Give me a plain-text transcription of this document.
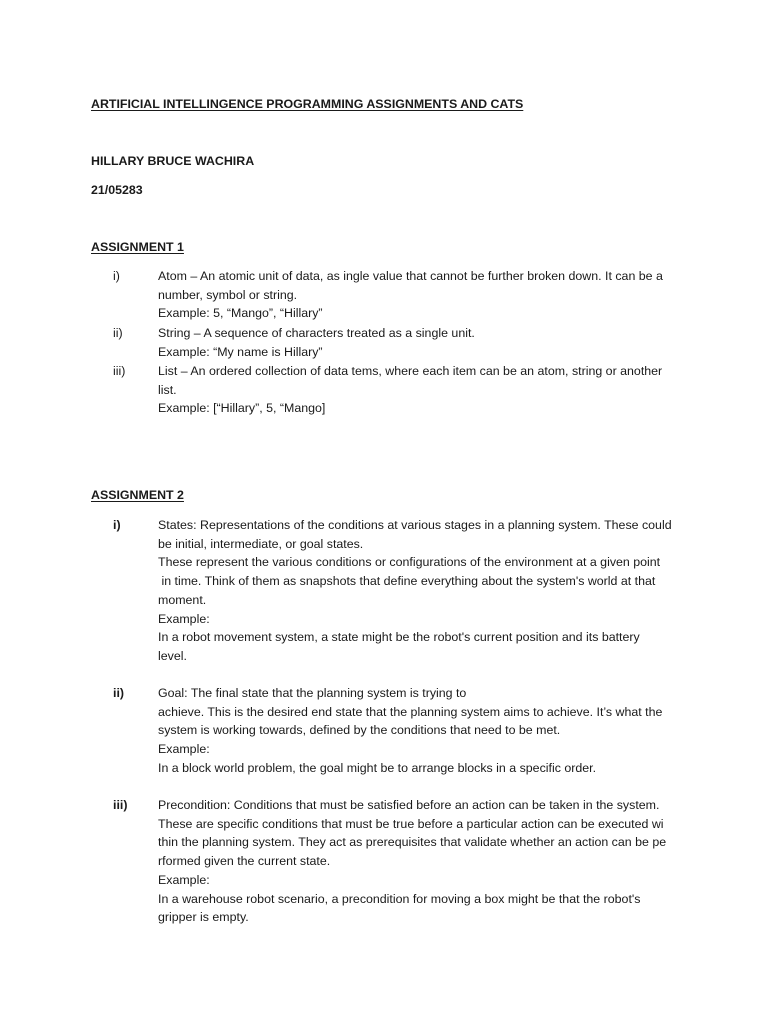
ARTIFICIAL INTELLINGENCE PROGRAMMING ASSIGNMENTS AND CATS
HILLARY BRUCE WACHIRA
21/05283
ASSIGNMENT 1
i)	Atom – An atomic unit of data, as ingle value that cannot be further broken down. It can be a
number, symbol or string.
Example: 5, “Mango”, “Hillary”
ii)	String – A sequence of characters treated as a single unit.
Example: “My name is Hillary”
iii)	List – An ordered collection of data tems, where each item can be an atom, string or another
list.
Example: [“Hillary”, 5, “Mango]
ASSIGNMENT 2
i)	States: Representations of the conditions at various stages in a planning system. These could
be initial, intermediate, or goal states.
These represent the various conditions or configurations of the environment at a given point
in time. Think of them as snapshots that define everything about the system's world at that
moment.
Example:
In a robot movement system, a state might be the robot's current position and its battery
level.
ii)	Goal: The final state that the planning system is trying to
achieve. This is the desired end state that the planning system aims to achieve. It’s what the
system is working towards, defined by the conditions that need to be met.
Example:
In a block world problem, the goal might be to arrange blocks in a specific order.
iii) Precondition: Conditions that must be satisfied before an action can be taken in the system.
These are specific conditions that must be true before a particular action can be executed wi
thin the planning system. They act as prerequisites that validate whether an action can be pe
rformed given the current state.
Example:
In a warehouse robot scenario, a precondition for moving a box might be that the robot's
gripper is empty.
